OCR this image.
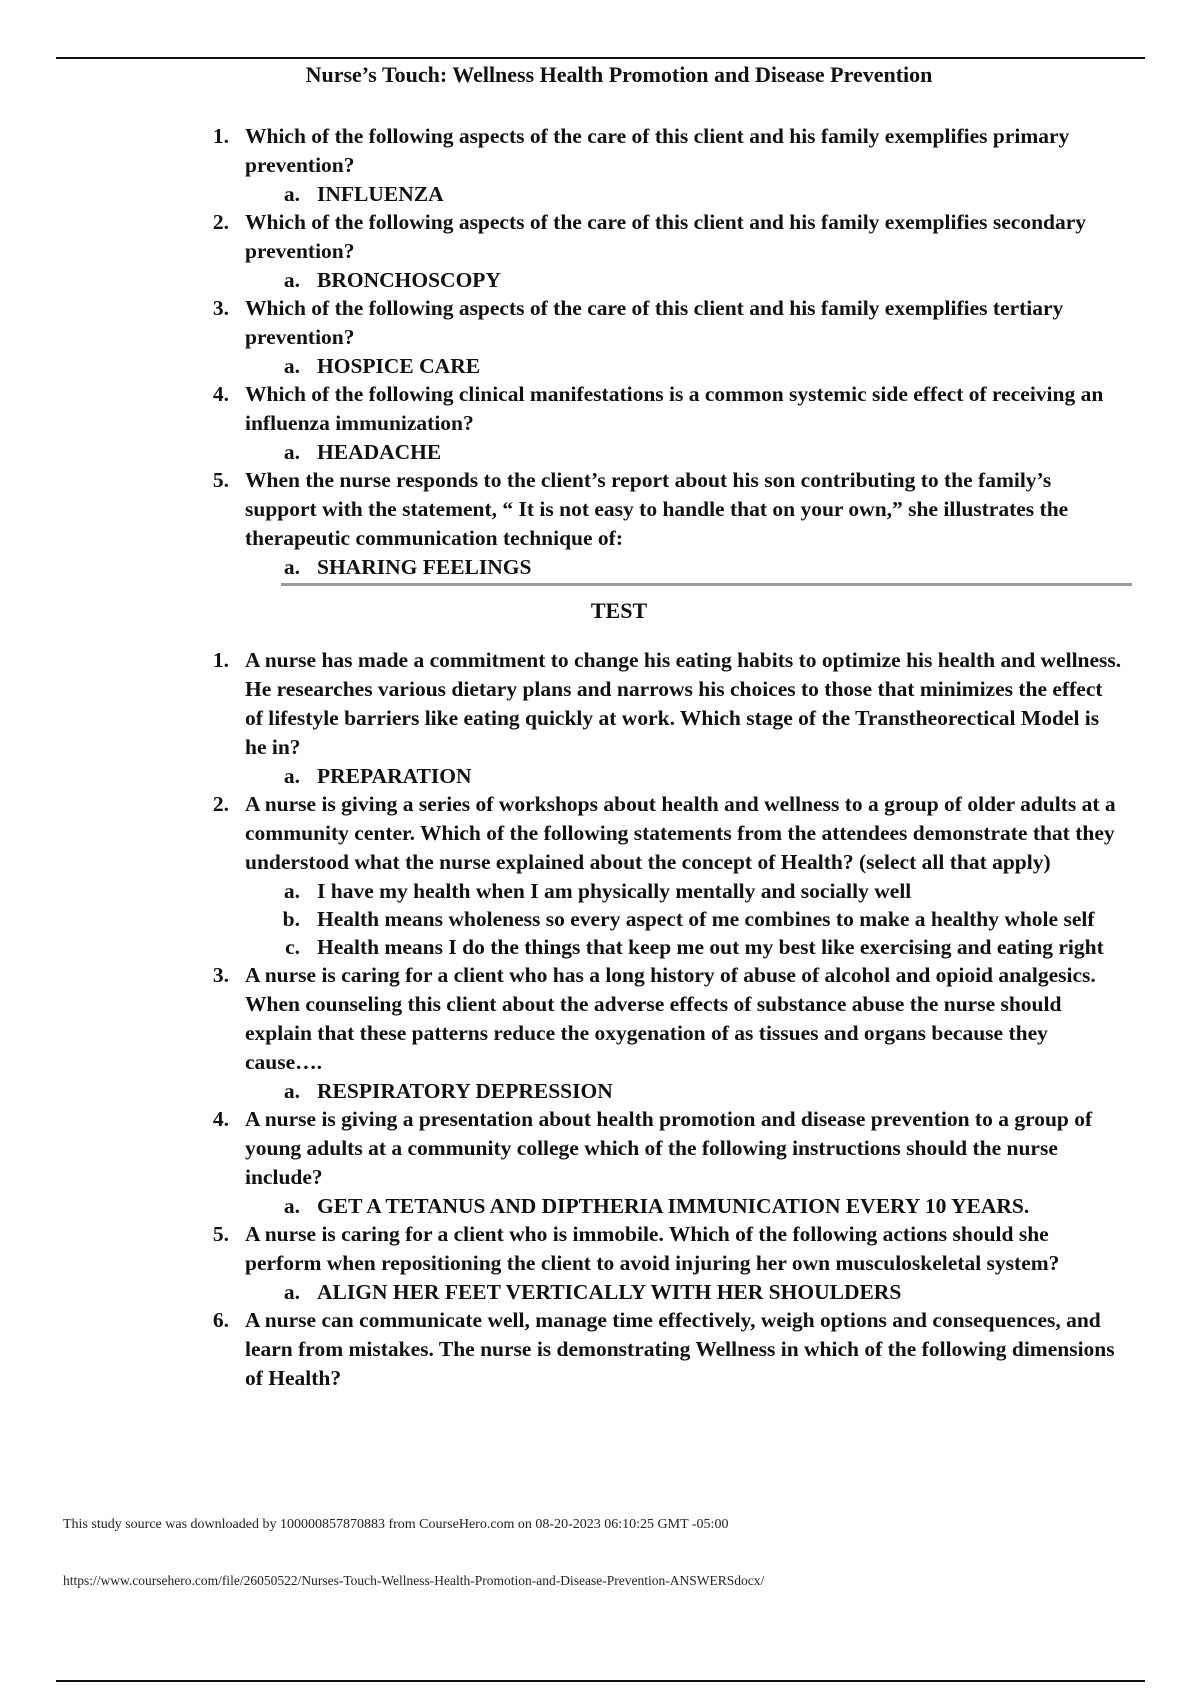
Nurse’s Touch: Wellness Health Promotion and Disease Prevention
1. Which of the following aspects of the care of this client and his family exemplifies primary prevention?
a. INFLUENZA
2. Which of the following aspects of the care of this client and his family exemplifies secondary prevention?
a. BRONCHOSCOPY
3. Which of the following aspects of the care of this client and his family exemplifies tertiary prevention?
a. HOSPICE CARE
4. Which of the following clinical manifestations is a common systemic side effect of receiving an influenza immunization?
a. HEADACHE
5. When the nurse responds to the client’s report about his son contributing to the family’s support with the statement, “ It is not easy to handle that on your own,” she illustrates the therapeutic communication technique of:
a. SHARING FEELINGS
TEST
1. A nurse has made a commitment to change his eating habits to optimize his health and wellness. He researches various dietary plans and narrows his choices to those that minimizes the effect of lifestyle barriers like eating quickly at work. Which stage of the Transtheorectical Model is he in?
a. PREPARATION
2. A nurse is giving a series of workshops about health and wellness to a group of older adults at a community center. Which of the following statements from the attendees demonstrate that they understood what the nurse explained about the concept of Health? (select all that apply)
a. I have my health when I am physically mentally and socially well
b. Health means wholeness so every aspect of me combines to make a healthy whole self
c. Health means I do the things that keep me out my best like exercising and eating right
3. A nurse is caring for a client who has a long history of abuse of alcohol and opioid analgesics. When counseling this client about the adverse effects of substance abuse the nurse should explain that these patterns reduce the oxygenation of as tissues and organs because they cause….
a. RESPIRATORY DEPRESSION
4. A nurse is giving a presentation about health promotion and disease prevention to a group of young adults at a community college which of the following instructions should the nurse include?
a. GET A TETANUS AND DIPTHERIA IMMUNICATION EVERY 10 YEARS.
5. A nurse is caring for a client who is immobile. Which of the following actions should she perform when repositioning the client to avoid injuring her own musculoskeletal system?
a. ALIGN HER FEET VERTICALLY WITH HER SHOULDERS
6. A nurse can communicate well, manage time effectively, weigh options and consequences, and learn from mistakes. The nurse is demonstrating Wellness in which of the following dimensions of Health?
This study source was downloaded by 100000857870883 from CourseHero.com on 08-20-2023 06:10:25 GMT -05:00
https://www.coursehero.com/file/26050522/Nurses-Touch-Wellness-Health-Promotion-and-Disease-Prevention-ANSWERSdocx/
